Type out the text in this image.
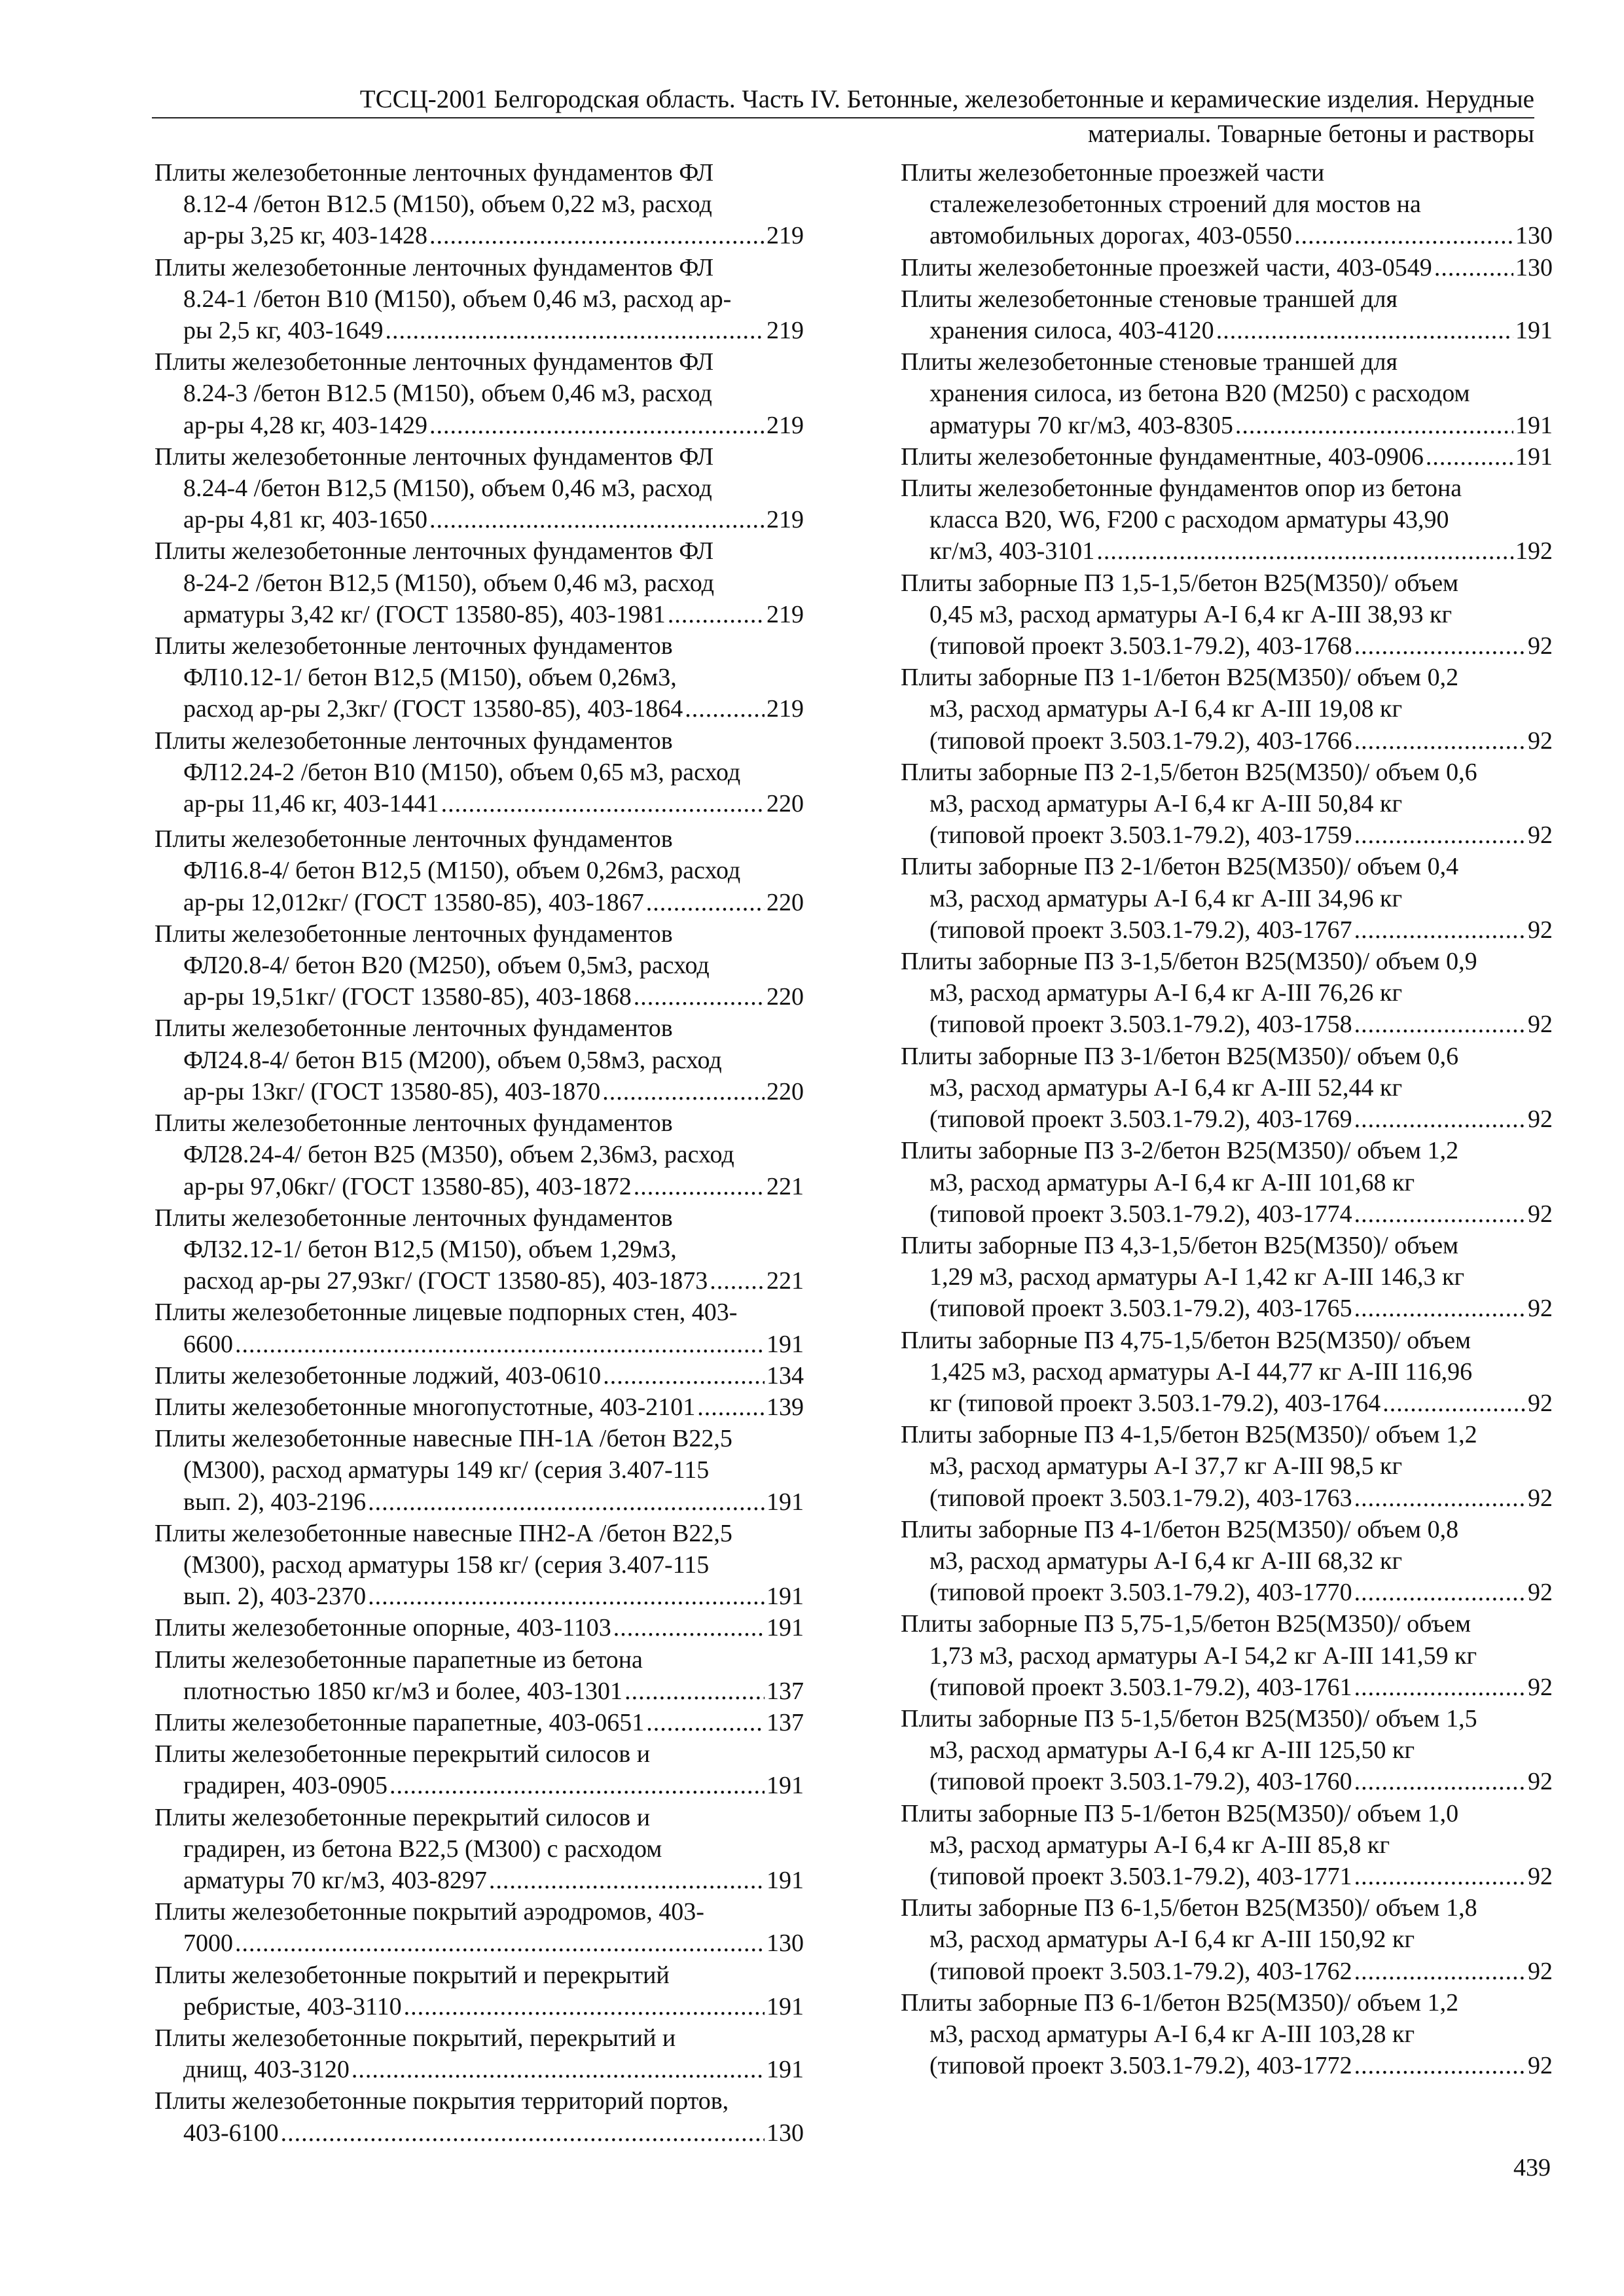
ТССЦ-2001 Белгородская область. Часть IV. Бетонные, железобетонные и керамические изделия. Нерудные
материалы. Товарные бетоны и растворы
Плиты железобетонные ленточных фундаментов ФЛ
8.12-4 /бетон В12.5 (М150), объем 0,22 м3, расход
ар-ры 3,25 кг, 403-1428 .....	219
Плиты железобетонные ленточных фундаментов ФЛ
8.24-1 /бетон В10 (М150), объем 0,46 м3, расход ар-
ры 2,5 кг, 403-1649 .....	219
Плиты железобетонные ленточных фундаментов ФЛ
8.24-3 /бетон В12.5 (М150), объем 0,46 м3, расход
ар-ры 4,28 кг, 403-1429 .....	219
Плиты железобетонные ленточных фундаментов ФЛ
8.24-4 /бетон В12,5 (М150), объем 0,46 м3, расход
ар-ры 4,81 кг, 403-1650 .....	219
Плиты железобетонные ленточных фундаментов ФЛ
8-24-2 /бетон В12,5 (М150), объем 0,46 м3, расход
арматуры 3,42 кг/ (ГОСТ 13580-85), 403-1981 .....	219
Плиты железобетонные ленточных фундаментов
ФЛ10.12-1/ бетон В12,5 (М150), объем 0,26м3,
расход ар-ры 2,3кг/ (ГОСТ 13580-85), 403-1864 .....	219
Плиты железобетонные ленточных фундаментов
ФЛ12.24-2 /бетон В10 (М150), объем 0,65 м3, расход
ар-ры 11,46 кг, 403-1441 .....	220
Плиты железобетонные ленточных фундаментов
ФЛ16.8-4/ бетон В12,5 (М150), объем 0,26м3, расход
ар-ры 12,012кг/ (ГОСТ 13580-85), 403-1867 .....	220
Плиты железобетонные ленточных фундаментов
ФЛ20.8-4/ бетон В20 (М250), объем 0,5м3, расход
ар-ры 19,51кг/ (ГОСТ 13580-85), 403-1868 .....	220
Плиты железобетонные ленточных фундаментов
ФЛ24.8-4/ бетон В15 (М200), объем 0,58м3, расход
ар-ры 13кг/ (ГОСТ 13580-85), 403-1870 .....	220
Плиты железобетонные ленточных фундаментов
ФЛ28.24-4/ бетон В25 (М350), объем 2,36м3, расход
ар-ры 97,06кг/ (ГОСТ 13580-85), 403-1872 .....	221
Плиты железобетонные ленточных фундаментов
ФЛ32.12-1/ бетон В12,5 (М150), объем 1,29м3,
расход ар-ры 27,93кг/ (ГОСТ 13580-85), 403-1873 ..... 221
Плиты железобетонные лицевые подпорных стен, 403-
6600 .....	191
Плиты железобетонные лоджий, 403-0610 .....	134
Плиты железобетонные многопустотные, 403-2101 .....	139
Плиты железобетонные навесные ПН-1А /бетон В22,5
(М300), расход арматуры 149 кг/ (серия 3.407-115
вып. 2), 403-2196 .....	191
Плиты железобетонные навесные ПН2-А /бетон В22,5
(М300), расход арматуры 158 кг/ (серия 3.407-115
вып. 2), 403-2370 .....	191
Плиты железобетонные опорные, 403-1103 .....	191
Плиты железобетонные парапетные из бетона
плотностью 1850 кг/м3 и более, 403-1301 .....	137
Плиты железобетонные парапетные, 403-0651 .....	137
Плиты железобетонные перекрытий силосов и
градирен, 403-0905 .....	191
Плиты железобетонные перекрытий силосов и
градирен, из бетона В22,5 (М300) с расходом
арматуры 70 кг/м3, 403-8297 .....	191
Плиты железобетонные покрытий аэродромов, 403-
7000 .....	130
Плиты железобетонные покрытий и перекрытий
ребристые, 403-3110 .....	191
Плиты железобетонные покрытий, перекрытий и
днищ, 403-3120 .....	191
Плиты железобетонные покрытия территорий портов,
403-6100 .....	130
Плиты железобетонные проезжей части
сталежелезобетонных строений для мостов на
автомобильных дорогах, 403-0550 .....	130
Плиты железобетонные проезжей части, 403-0549 .....	130
Плиты железобетонные стеновые траншей для
хранения силоса, 403-4120 .....	191
Плиты железобетонные стеновые траншей для
хранения силоса, из бетона В20 (М250) с расходом
арматуры 70 кг/м3, 403-8305 .....	191
Плиты железобетонные фундаментные, 403-0906 .....	191
Плиты железобетонные фундаментов опор из бетона
класса В20, W6, F200 с расходом арматуры 43,90
кг/м3, 403-3101 .....	192
Плиты заборные ПЗ 1,5-1,5/бетон В25(М350)/ объем
0,45 м3, расход арматуры А-I 6,4 кг А-III 38,93 кг
(типовой проект 3.503.1-79.2), 403-1768 .....	92
Плиты заборные ПЗ 1-1/бетон В25(М350)/ объем 0,2
м3, расход арматуры А-I 6,4 кг А-III 19,08 кг
(типовой проект 3.503.1-79.2), 403-1766 .....	92
Плиты заборные ПЗ 2-1,5/бетон В25(М350)/ объем 0,6
м3, расход арматуры А-I 6,4 кг А-III 50,84 кг
(типовой проект 3.503.1-79.2), 403-1759 .....	92
Плиты заборные ПЗ 2-1/бетон В25(М350)/ объем 0,4
м3, расход арматуры А-I 6,4 кг А-III 34,96 кг
(типовой проект 3.503.1-79.2), 403-1767 .....	92
Плиты заборные ПЗ 3-1,5/бетон В25(М350)/ объем 0,9
м3, расход арматуры А-I 6,4 кг А-III 76,26 кг
(типовой проект 3.503.1-79.2), 403-1758 .....	92
Плиты заборные ПЗ 3-1/бетон В25(М350)/ объем 0,6
м3, расход арматуры А-I 6,4 кг А-III 52,44 кг
(типовой проект 3.503.1-79.2), 403-1769 .....	92
Плиты заборные ПЗ 3-2/бетон В25(М350)/ объем 1,2
м3, расход арматуры А-I 6,4 кг А-III 101,68 кг
(типовой проект 3.503.1-79.2), 403-1774 .....	92
Плиты заборные ПЗ 4,3-1,5/бетон В25(М350)/ объем
1,29 м3, расход арматуры А-I 1,42 кг А-III 146,3 кг
(типовой проект 3.503.1-79.2), 403-1765 .....	92
Плиты заборные ПЗ 4,75-1,5/бетон В25(М350)/ объем
1,425 м3, расход арматуры А-I 44,77 кг А-III 116,96
кг (типовой проект 3.503.1-79.2), 403-1764 .....	92
Плиты заборные ПЗ 4-1,5/бетон В25(М350)/ объем 1,2
м3, расход арматуры А-I 37,7 кг А-III 98,5 кг
(типовой проект 3.503.1-79.2), 403-1763 .....	92
Плиты заборные ПЗ 4-1/бетон В25(М350)/ объем 0,8
м3, расход арматуры А-I 6,4 кг А-III 68,32 кг
(типовой проект 3.503.1-79.2), 403-1770 .....	92
Плиты заборные ПЗ 5,75-1,5/бетон В25(М350)/ объем
1,73 м3, расход арматуры А-I 54,2 кг А-III 141,59 кг
(типовой проект 3.503.1-79.2), 403-1761 .....	92
Плиты заборные ПЗ 5-1,5/бетон В25(М350)/ объем 1,5
м3, расход арматуры А-I 6,4 кг А-III 125,50 кг
(типовой проект 3.503.1-79.2), 403-1760 .....	92
Плиты заборные ПЗ 5-1/бетон В25(М350)/ объем 1,0
м3, расход арматуры А-I 6,4 кг А-III 85,8 кг
(типовой проект 3.503.1-79.2), 403-1771 .....	92
Плиты заборные ПЗ 6-1,5/бетон В25(М350)/ объем 1,8
м3, расход арматуры А-I 6,4 кг А-III 150,92 кг
(типовой проект 3.503.1-79.2), 403-1762 .....	92
Плиты заборные ПЗ 6-1/бетон В25(М350)/ объем 1,2
м3, расход арматуры А-I 6,4 кг А-III 103,28 кг
(типовой проект 3.503.1-79.2), 403-1772 .....	92
439
